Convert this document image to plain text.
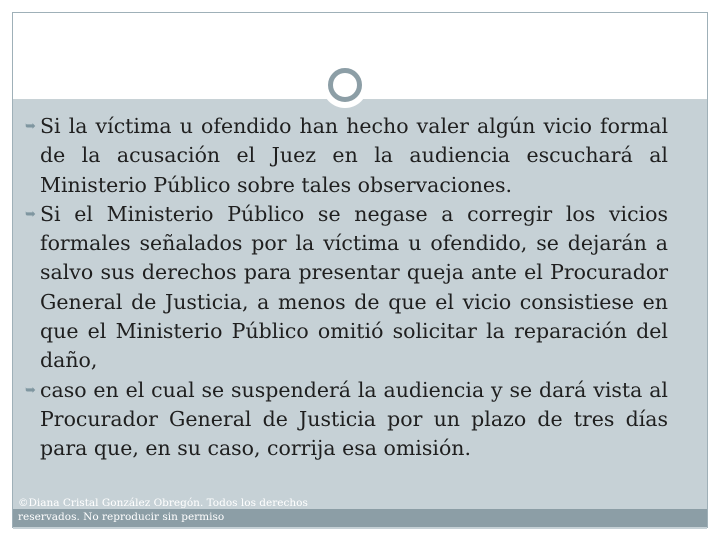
➥ Si la víctima u ofendido han hecho valer algún vicio formal de la acusación el Juez en la audiencia escuchará al Ministerio Público sobre tales observaciones.
➥ Si el Ministerio Público se negase a corregir los vicios formales señalados por la víctima u ofendido, se dejarán a salvo sus derechos para presentar queja ante el Procurador General de Justicia, a menos de que el vicio consistiese en que el Ministerio Público omitió solicitar la reparación del daño,
➥ caso en el cual se suspenderá la audiencia y se dará vista al Procurador General de Justicia por un plazo de tres días para que, en su caso, corrija esa omisión.
©Diana Cristal González Obregón. Todos los derechos reservados. No reproducir sin permiso
